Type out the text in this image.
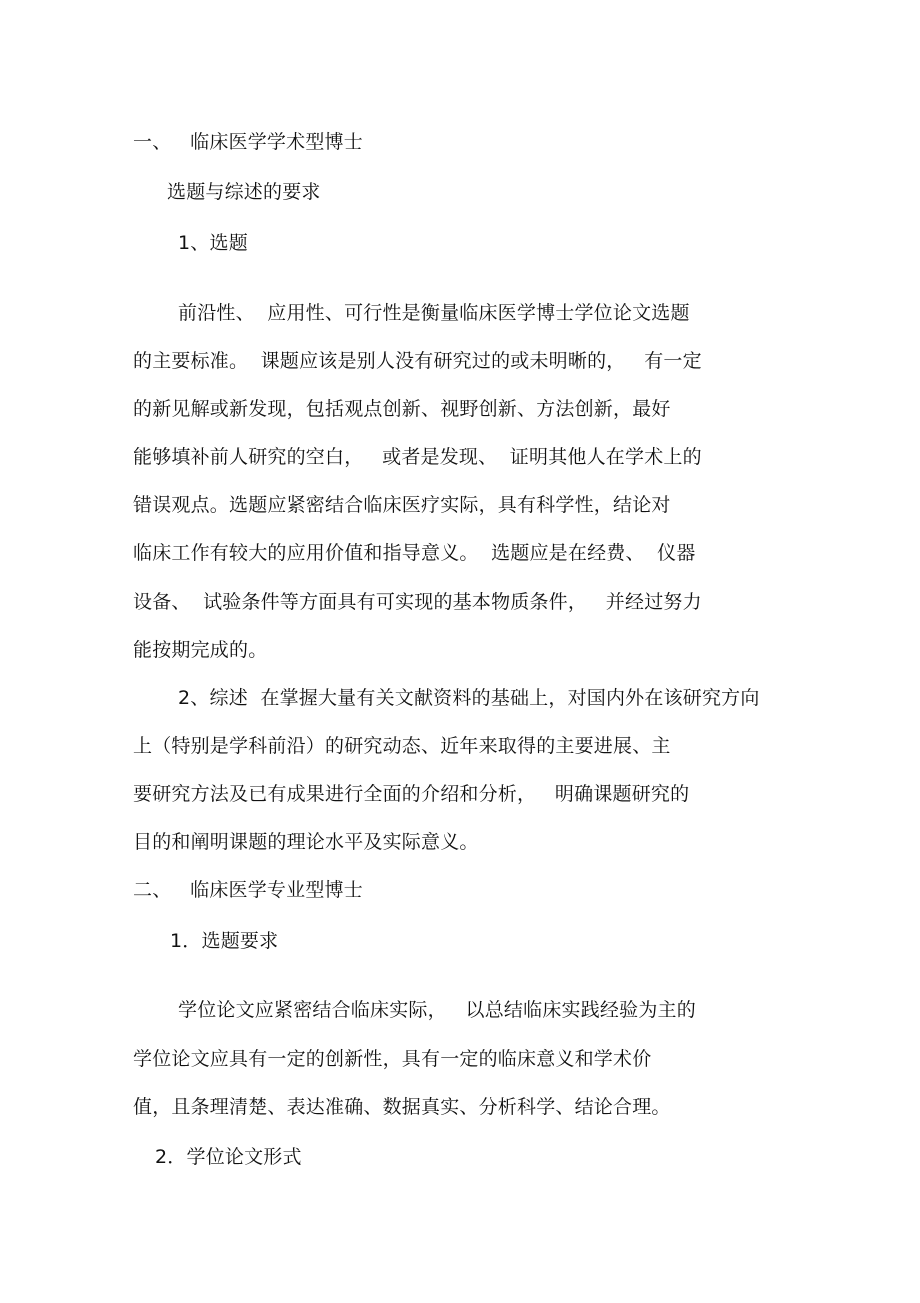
一、   临床医学学术型博士
选题与综述的要求
1、选题
前沿性、  应用性、可行性是衡量临床医学博士学位论文选题
的主要标准。  课题应该是别人没有研究过的或未明晰的，   有一定
的新见解或新发现，包括观点创新、视野创新、方法创新，最好
能够填补前人研究的空白，   或者是发现、  证明其他人在学术上的
错误观点。选题应紧密结合临床医疗实际，具有科学性，结论对
临床工作有较大的应用价值和指导意义。  选题应是在经费、  仪器
设备、  试验条件等方面具有可实现的基本物质条件，   并经过努力
能按期完成的。
2、综述  在掌握大量有关文献资料的基础上，对国内外在该研究方向
上（特别是学科前沿）的研究动态、近年来取得的主要进展、主
要研究方法及已有成果进行全面的介绍和分析，   明确课题研究的
目的和阐明课题的理论水平及实际意义。
二、   临床医学专业型博士
1．选题要求
学位论文应紧密结合临床实际，   以总结临床实践经验为主的
学位论文应具有一定的创新性，具有一定的临床意义和学术价
值，且条理清楚、表达准确、数据真实、分析科学、结论合理。
2．学位论文形式
